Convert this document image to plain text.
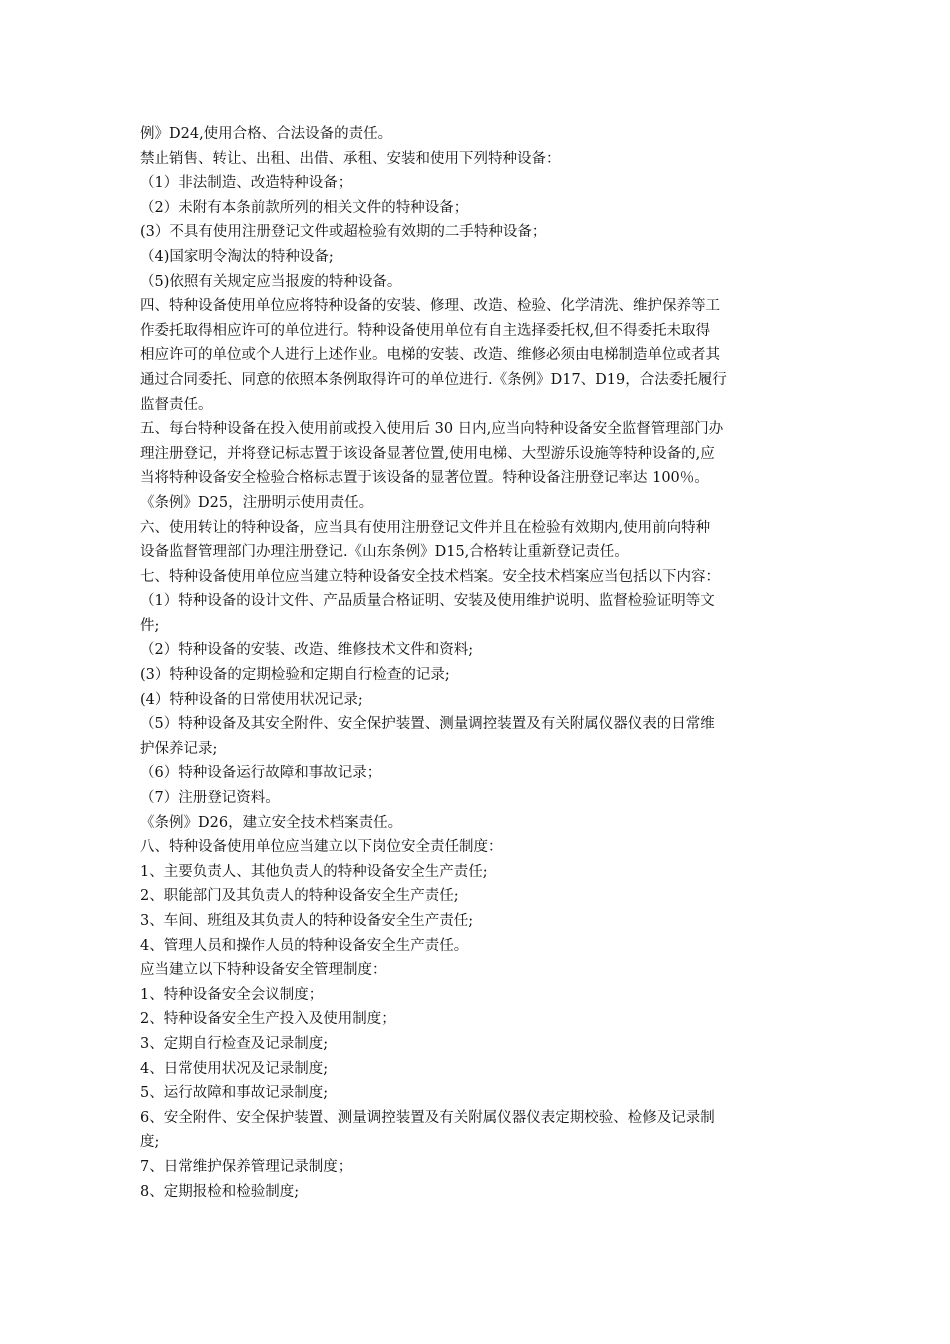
例》D24,使用合格、合法设备的责任。
禁止销售、转让、出租、出借、承租、安装和使用下列特种设备：
（1）非法制造、改造特种设备；
（2）未附有本条前款所列的相关文件的特种设备；
(3）不具有使用注册登记文件或超检验有效期的二手特种设备；
（4)国家明令淘汰的特种设备;
（5)依照有关规定应当报废的特种设备。
四、特种设备使用单位应将特种设备的安装、修理、改造、检验、化学清洗、维护保养等工
作委托取得相应许可的单位进行。特种设备使用单位有自主选择委托权,但不得委托未取得
相应许可的单位或个人进行上述作业。电梯的安装、改造、维修必须由电梯制造单位或者其
通过合同委托、同意的依照本条例取得许可的单位进行.《条例》D17、D19，合法委托履行
监督责任。
五、每台特种设备在投入使用前或投入使用后 30 日内,应当向特种设备安全监督管理部门办
理注册登记，并将登记标志置于该设备显著位置,使用电梯、大型游乐设施等特种设备的,应
当将特种设备安全检验合格标志置于该设备的显著位置。特种设备注册登记率达 100％。
《条例》D25，注册明示使用责任。
六、使用转让的特种设备，应当具有使用注册登记文件并且在检验有效期内,使用前向特种
设备监督管理部门办理注册登记.《山东条例》D15,合格转让重新登记责任。
七、特种设备使用单位应当建立特种设备安全技术档案。安全技术档案应当包括以下内容：
（1）特种设备的设计文件、产品质量合格证明、安装及使用维护说明、监督检验证明等文
件;
（2）特种设备的安装、改造、维修技术文件和资料;
(3）特种设备的定期检验和定期自行检查的记录;
(4）特种设备的日常使用状况记录;
（5）特种设备及其安全附件、安全保护装置、测量调控装置及有关附属仪器仪表的日常维
护保养记录;
（6）特种设备运行故障和事故记录；
（7）注册登记资料。
《条例》D26，建立安全技术档案责任。
八、特种设备使用单位应当建立以下岗位安全责任制度：
1、主要负责人、其他负责人的特种设备安全生产责任;
2、职能部门及其负责人的特种设备安全生产责任;
3、车间、班组及其负责人的特种设备安全生产责任;
4、管理人员和操作人员的特种设备安全生产责任。
应当建立以下特种设备安全管理制度：
1、特种设备安全会议制度；
2、特种设备安全生产投入及使用制度；
3、定期自行检查及记录制度;
4、日常使用状况及记录制度;
5、运行故障和事故记录制度;
6、安全附件、安全保护装置、测量调控装置及有关附属仪器仪表定期校验、检修及记录制
度;
7、日常维护保养管理记录制度；
8、定期报检和检验制度;
